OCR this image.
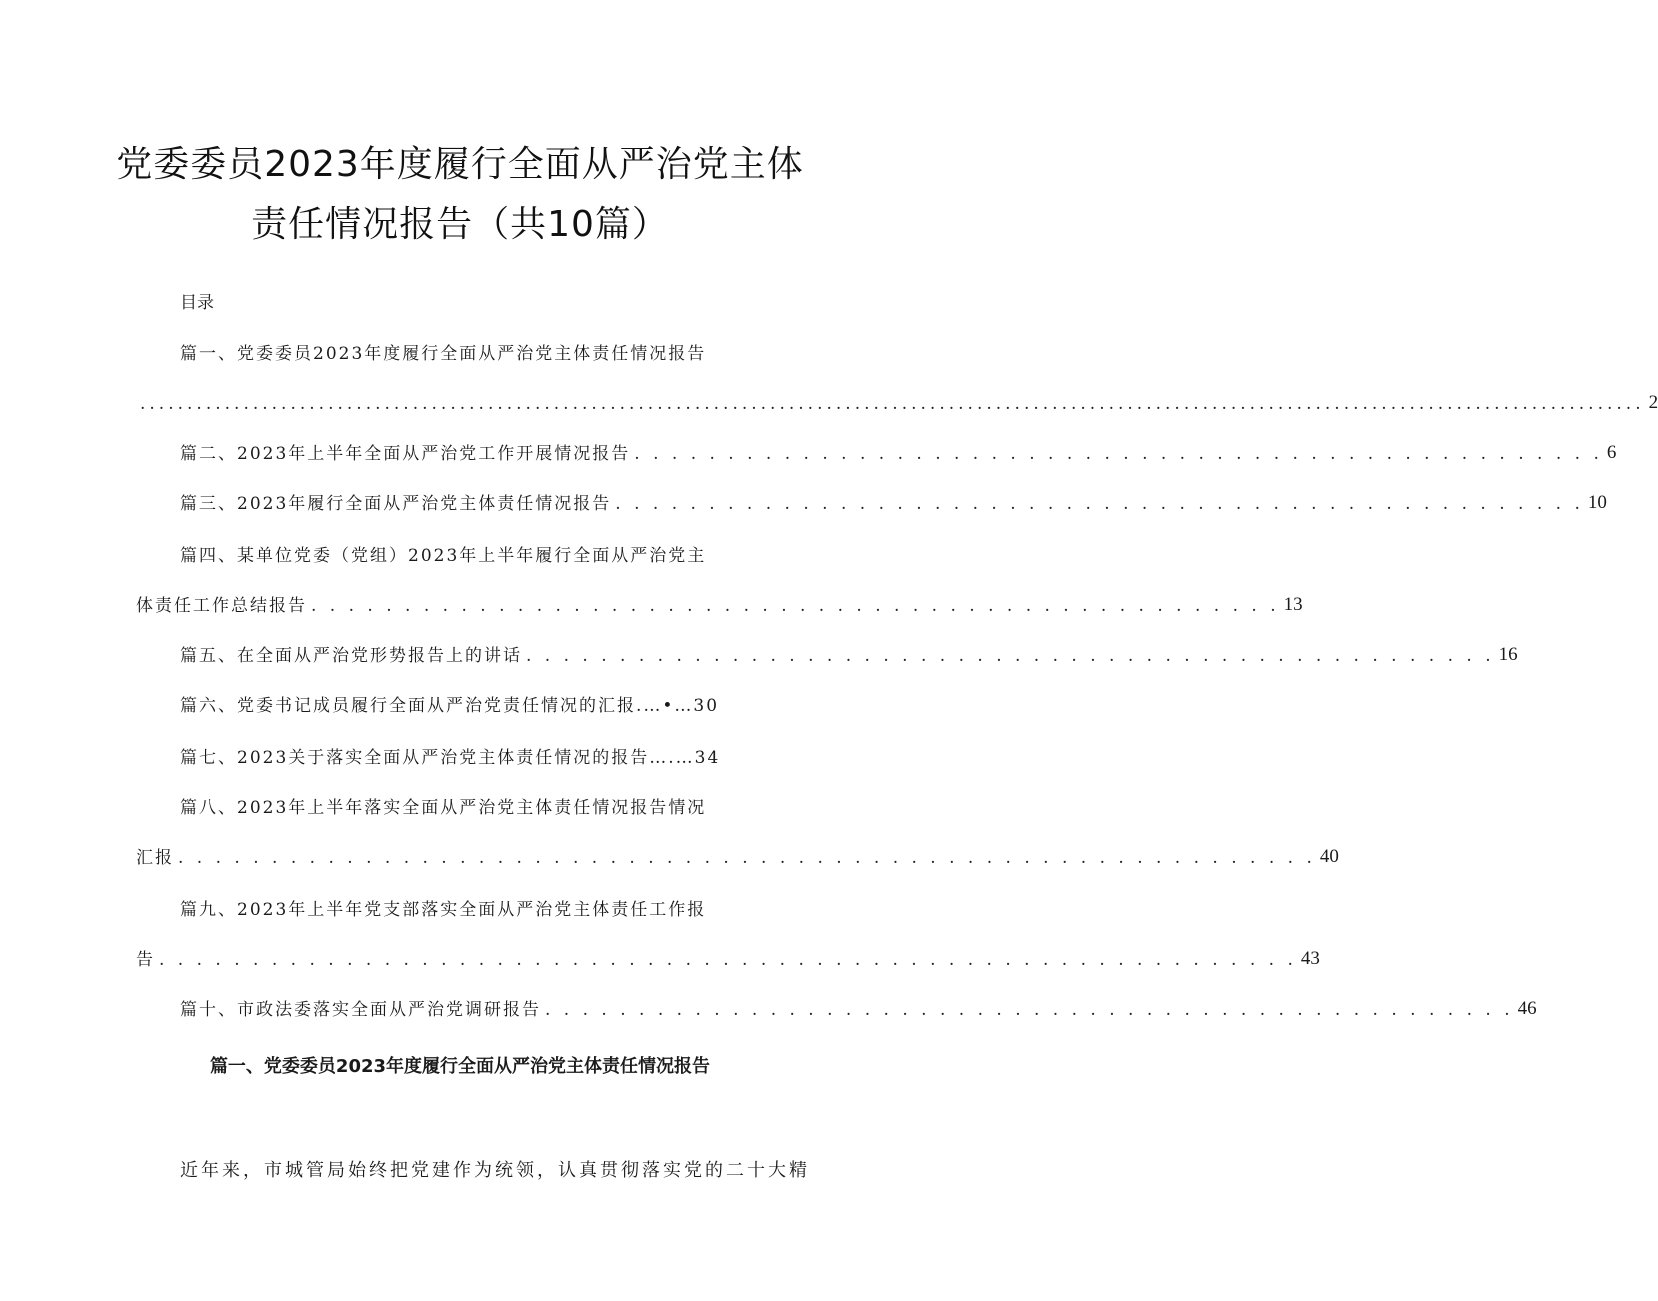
党委委员2023年度履行全面从严治党主体
责任情况报告（共10篇）
目录
篇一、党委委员2023年度履行全面从严治党主体责任情况报告
................................................................................................................................................................ 2
篇二、2023年上半年全面从严治党工作开展情况报告 . . . . . . . . . . . . . . . . . . . . . . . . . . . . . . . . . . . . . . . . . . . . . . . . . . . . 6
篇三、2023年履行全面从严治党主体责任情况报告 . . . . . . . . . . . . . . . . . . . . . . . . . . . . . . . . . . . . . . . . . . . . . . . . . . . . 10
篇四、某单位党委（党组）2023年上半年履行全面从严治党主
体责任工作总结报告 . . . . . . . . . . . . . . . . . . . . . . . . . . . . . . . . . . . . . . . . . . . . . . . . . . . . 13
篇五、在全面从严治党形势报告上的讲话 . . . . . . . . . . . . . . . . . . . . . . . . . . . . . . . . . . . . . . . . . . . . . . . . . . . . 16
篇六、党委书记成员履行全面从严治党责任情况的汇报.…•…30
篇七、2023关于落实全面从严治党主体责任情况的报告….…34
篇八、2023年上半年落实全面从严治党主体责任情况报告情况
汇报 . . . . . . . . . . . . . . . . . . . . . . . . . . . . . . . . . . . . . . . . . . . . . . . . . . . . . . . . . . . . . 40
篇九、2023年上半年党支部落实全面从严治党主体责任工作报
告 . . . . . . . . . . . . . . . . . . . . . . . . . . . . . . . . . . . . . . . . . . . . . . . . . . . . . . . . . . . . . 43
篇十、市政法委落实全面从严治党调研报告 . . . . . . . . . . . . . . . . . . . . . . . . . . . . . . . . . . . . . . . . . . . . . . . . . . . . 46
篇一、党委委员2023年度履行全面从严治党主体责任情况报告
近年来，市城管局始终把党建作为统领，认真贯彻落实党的二十大精
